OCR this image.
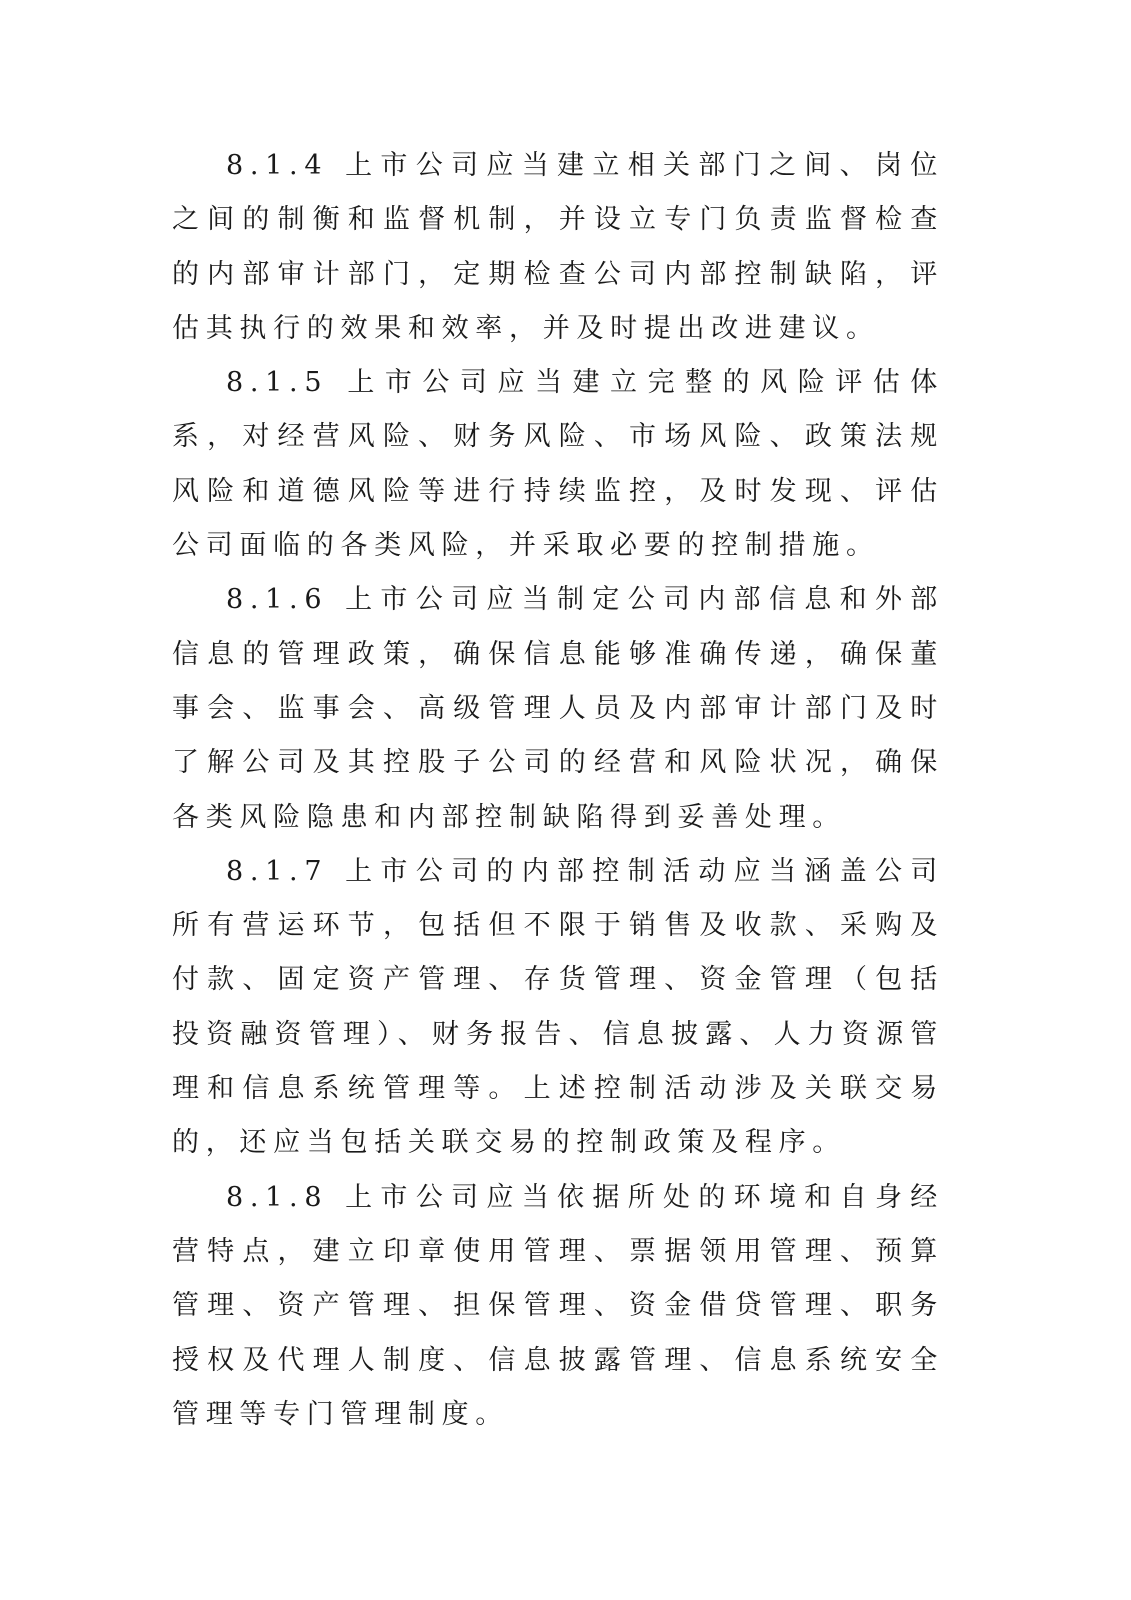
8.1.4 上市公司应当建立相关部门之间、岗位之间的制衡和监督机制，并设立专门负责监督检查的内部审计部门，定期检查公司内部控制缺陷，评估其执行的效果和效率，并及时提出改进建议。

8.1.5 上市公司应当建立完整的风险评估体系，对经营风险、财务风险、市场风险、政策法规风险和道德风险等进行持续监控，及时发现、评估公司面临的各类风险，并采取必要的控制措施。

8.1.6 上市公司应当制定公司内部信息和外部信息的管理政策，确保信息能够准确传递，确保董事会、监事会、高级管理人员及内部审计部门及时了解公司及其控股子公司的经营和风险状况，确保各类风险隐患和内部控制缺陷得到妥善处理。

8.1.7 上市公司的内部控制活动应当涵盖公司所有营运环节，包括但不限于销售及收款、采购及付款、固定资产管理、存货管理、资金管理（包括投资融资管理）、财务报告、信息披露、人力资源管理和信息系统管理等。上述控制活动涉及关联交易的，还应当包括关联交易的控制政策及程序。

8.1.8 上市公司应当依据所处的环境和自身经营特点，建立印章使用管理、票据领用管理、预算管理、资产管理、担保管理、资金借贷管理、职务授权及代理人制度、信息披露管理、信息系统安全管理等专门管理制度。
